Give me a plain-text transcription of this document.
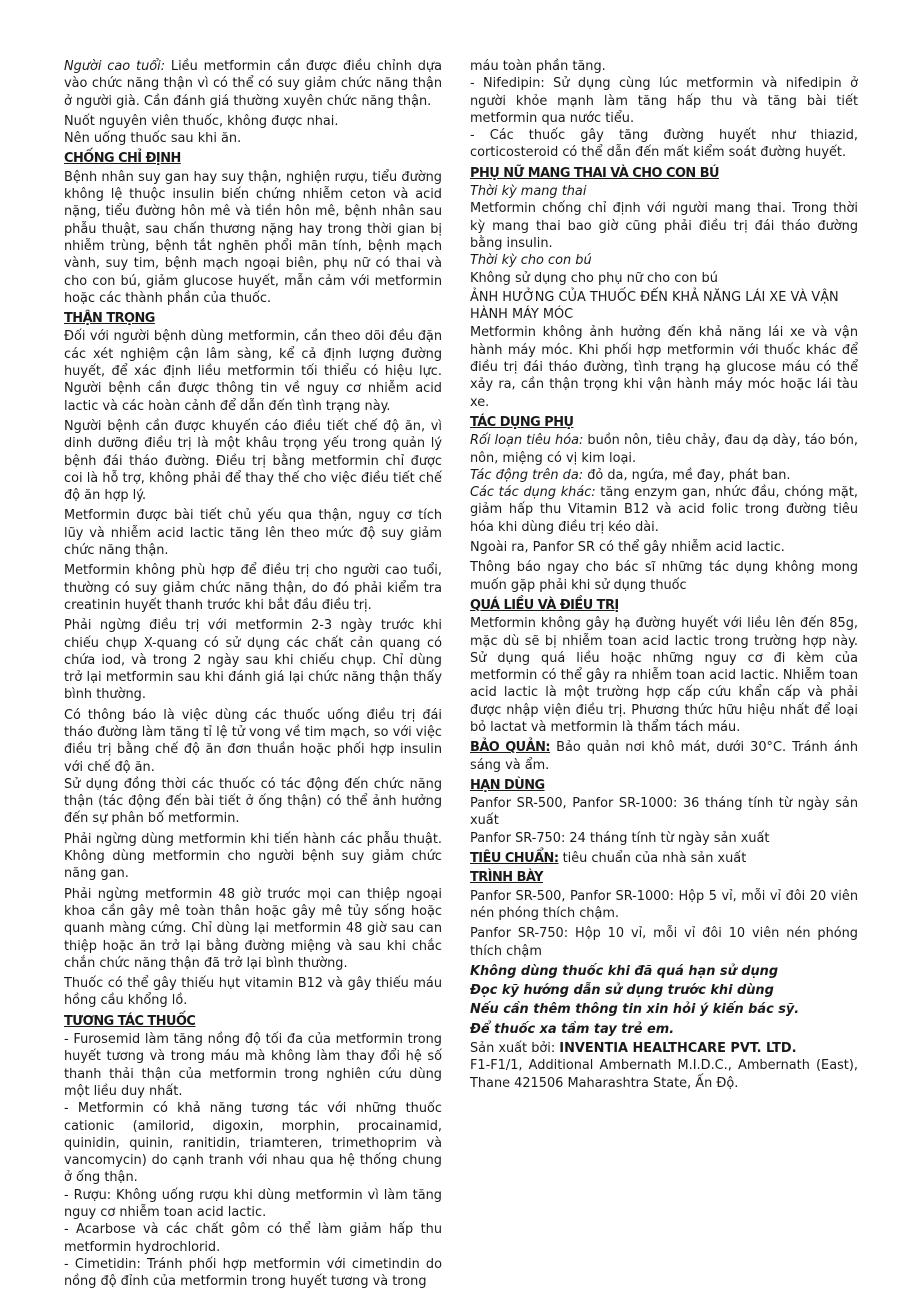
Người cao tuổi: Liều metformin cần được điều chỉnh dựa vào chức năng thận vì có thể có suy giảm chức năng thận ở người già. Cần đánh giá thường xuyên chức năng thận.

Nuốt nguyên viên thuốc, không được nhai.

Nên uống thuốc sau khi ăn.

CHỐNG CHỈ ĐỊNH

Bệnh nhân suy gan hay suy thận, nghiện rượu, tiểu đường không lệ thuộc insulin biến chứng nhiễm ceton và acid nặng, tiểu đường hôn mê và tiền hôn mê, bệnh nhân sau phẫu thuật, sau chấn thương nặng hay trong thời gian bị nhiễm trùng, bệnh tắt nghẽn phổi mãn tính, bệnh mạch vành, suy tim, bệnh mạch ngoại biên, phụ nữ có thai và cho con bú, giảm glucose huyết, mẫn cảm với metformin hoặc các thành phần của thuốc.

THẬN TRỌNG

Đối với người bệnh dùng metformin, cần theo dõi đều đặn các xét nghiệm cận lâm sàng, kể cả định lượng đường huyết, để xác định liều metformin tối thiểu có hiệu lực. Người bệnh cần được thông tin về nguy cơ nhiễm acid lactic và các hoàn cảnh để dẫn đến tình trạng này.

Người bệnh cần được khuyến cáo điều tiết chế độ ăn, vì dinh dưỡng điều trị là một khâu trọng yếu trong quản lý bệnh đái tháo đường. Điều trị bằng metformin chỉ được coi là hỗ trợ, không phải để thay thế cho việc điều tiết chế độ ăn hợp lý.

Metformin được bài tiết chủ yếu qua thận, nguy cơ tích lũy và nhiễm acid lactic tăng lên theo mức độ suy giảm chức năng thận.

Metformin không phù hợp để điều trị cho người cao tuổi, thường có suy giảm chức năng thận, do đó phải kiểm tra creatinin huyết thanh trước khi bắt đầu điều trị.

Phải ngừng điều trị với metformin 2-3 ngày trước khi chiếu chụp X-quang có sử dụng các chất cản quang có chứa iod, và trong 2 ngày sau khi chiếu chụp. Chỉ dùng trở lại metformin sau khi đánh giá lại chức năng thận thấy bình thường.

Có thông báo là việc dùng các thuốc uống điều trị đái tháo đường làm tăng tỉ lệ tử vong về tim mạch, so với việc điều trị bằng chế độ ăn đơn thuần hoặc phối hợp insulin với chế độ ăn.

Sử dụng đồng thời các thuốc có tác động đến chức năng thận (tác động đến bài tiết ở ống thận) có thể ảnh hưởng đến sự phân bố metformin.

Phải ngừng dùng metformin khi tiến hành các phẫu thuật. Không dùng metformin cho người bệnh suy giảm chức năng gan.

Phải ngừng metformin 48 giờ trước mọi can thiệp ngoại khoa cần gây mê toàn thân hoặc gây mê tủy sống hoặc quanh màng cứng. Chỉ dùng lại metformin 48 giờ sau can thiệp hoặc ăn trở lại bằng đường miệng và sau khi chắc chắn chức năng thận đã trở lại bình thường.

Thuốc có thể gây thiếu hụt vitamin B12 và gây thiếu máu hồng cầu khổng lồ.

TƯƠNG TÁC THUỐC

- Furosemid làm tăng nồng độ tối đa của metformin trong huyết tương và trong máu mà không làm thay đổi hệ số thanh thải thận của metformin trong nghiên cứu dùng một liều duy nhất.

- Metformin có khả năng tương tác với những thuốc cationic (amilorid, digoxin, morphin, procainamid, quinidin, quinin, ranitidin, triamteren, trimethoprim và vancomycin) do cạnh tranh với nhau qua hệ thống chung ở ống thận.

- Rượu: Không uống rượu khi dùng metformin vì làm tăng nguy cơ nhiễm toan acid lactic.

- Acarbose và các chất gôm có thể làm giảm hấp thu metformin hydrochlorid.

- Cimetidin: Tránh phối hợp metformin với cimetindin do nồng độ đỉnh của metformin trong huyết tương và trong

máu toàn phần tăng.

- Nifedipin: Sử dụng cùng lúc metformin và nifedipin ở người khỏe mạnh làm tăng hấp thu và tăng bài tiết metformin qua nước tiểu.

- Các thuốc gây tăng đường huyết như thiazid, corticosteroid có thể dẫn đến mất kiểm soát đường huyết.

PHỤ NỮ MANG THAI VÀ CHO CON BÚ

Thời kỳ mang thai

Metformin chống chỉ định với người mang thai. Trong thời kỳ mang thai bao giờ cũng phải điều trị đái tháo đường bằng insulin.

Thời kỳ cho con bú

Không sử dụng cho phụ nữ cho con bú

ẢNH HƯỞNG CỦA THUỐC ĐẾN KHẢ NĂNG LÁI XE VÀ VẬN HÀNH MÁY MÓC

Metformin không ảnh hưởng đến khả năng lái xe và vận hành máy móc. Khi phối hợp metformin với thuốc khác để điều trị đái tháo đường, tình trạng hạ glucose máu có thể xảy ra, cần thận trọng khi vận hành máy móc hoặc lái tàu xe.

TÁC DỤNG PHỤ

Rối loạn tiêu hóa: buồn nôn, tiêu chảy, đau dạ dày, táo bón, nôn, miệng có vị kim loại.

Tác động trên da: đỏ da, ngứa, mề đay, phát ban.

Các tác dụng khác: tăng enzym gan, nhức đầu, chóng mặt, giảm hấp thu Vitamin B12 và acid folic trong đường tiêu hóa khi dùng điều trị kéo dài.

Ngoài ra, Panfor SR có thể gây nhiễm acid lactic.

Thông báo ngay cho bác sĩ những tác dụng không mong muốn gặp phải khi sử dụng thuốc

QUÁ LIỀU VÀ ĐIỀU TRỊ

Metformin không gây hạ đường huyết với liều lên đến 85g, mặc dù sẽ bị nhiễm toan acid lactic trong trường hợp này. Sử dụng quá liều hoặc những nguy cơ đi kèm của metformin có thể gây ra nhiễm toan acid lactic. Nhiễm toan acid lactic là một trường hợp cấp cứu khẩn cấp và phải được nhập viện điều trị. Phương thức hữu hiệu nhất để loại bỏ lactat và metformin là thẩm tách máu.

BẢO QUẢN: Bảo quản nơi khô mát, dưới 30°C. Tránh ánh sáng và ẩm.

HẠN DÙNG

Panfor SR-500, Panfor SR-1000: 36 tháng tính từ ngày sản xuất

Panfor SR-750: 24 tháng tính từ ngày sản xuất

TIÊU CHUẨN: tiêu chuẩn của nhà sản xuất

TRÌNH BÀY

Panfor SR-500, Panfor SR-1000: Hộp 5 vỉ, mỗi vỉ đôi 20 viên nén phóng thích chậm.

Panfor SR-750: Hộp 10 vỉ, mỗi vỉ đôi 10 viên nén phóng thích chậm

Không dùng thuốc khi đã quá hạn sử dụng

Đọc kỹ hướng dẫn sử dụng trước khi dùng

Nếu cần thêm thông tin xin hỏi ý kiến bác sỹ.

Để thuốc xa tầm tay trẻ em.

Sản xuất bởi: INVENTIA HEALTHCARE PVT. LTD.

F1-F1/1, Additional Ambernath M.I.D.C., Ambernath (East), Thane 421506 Maharashtra State, Ấn Độ.
